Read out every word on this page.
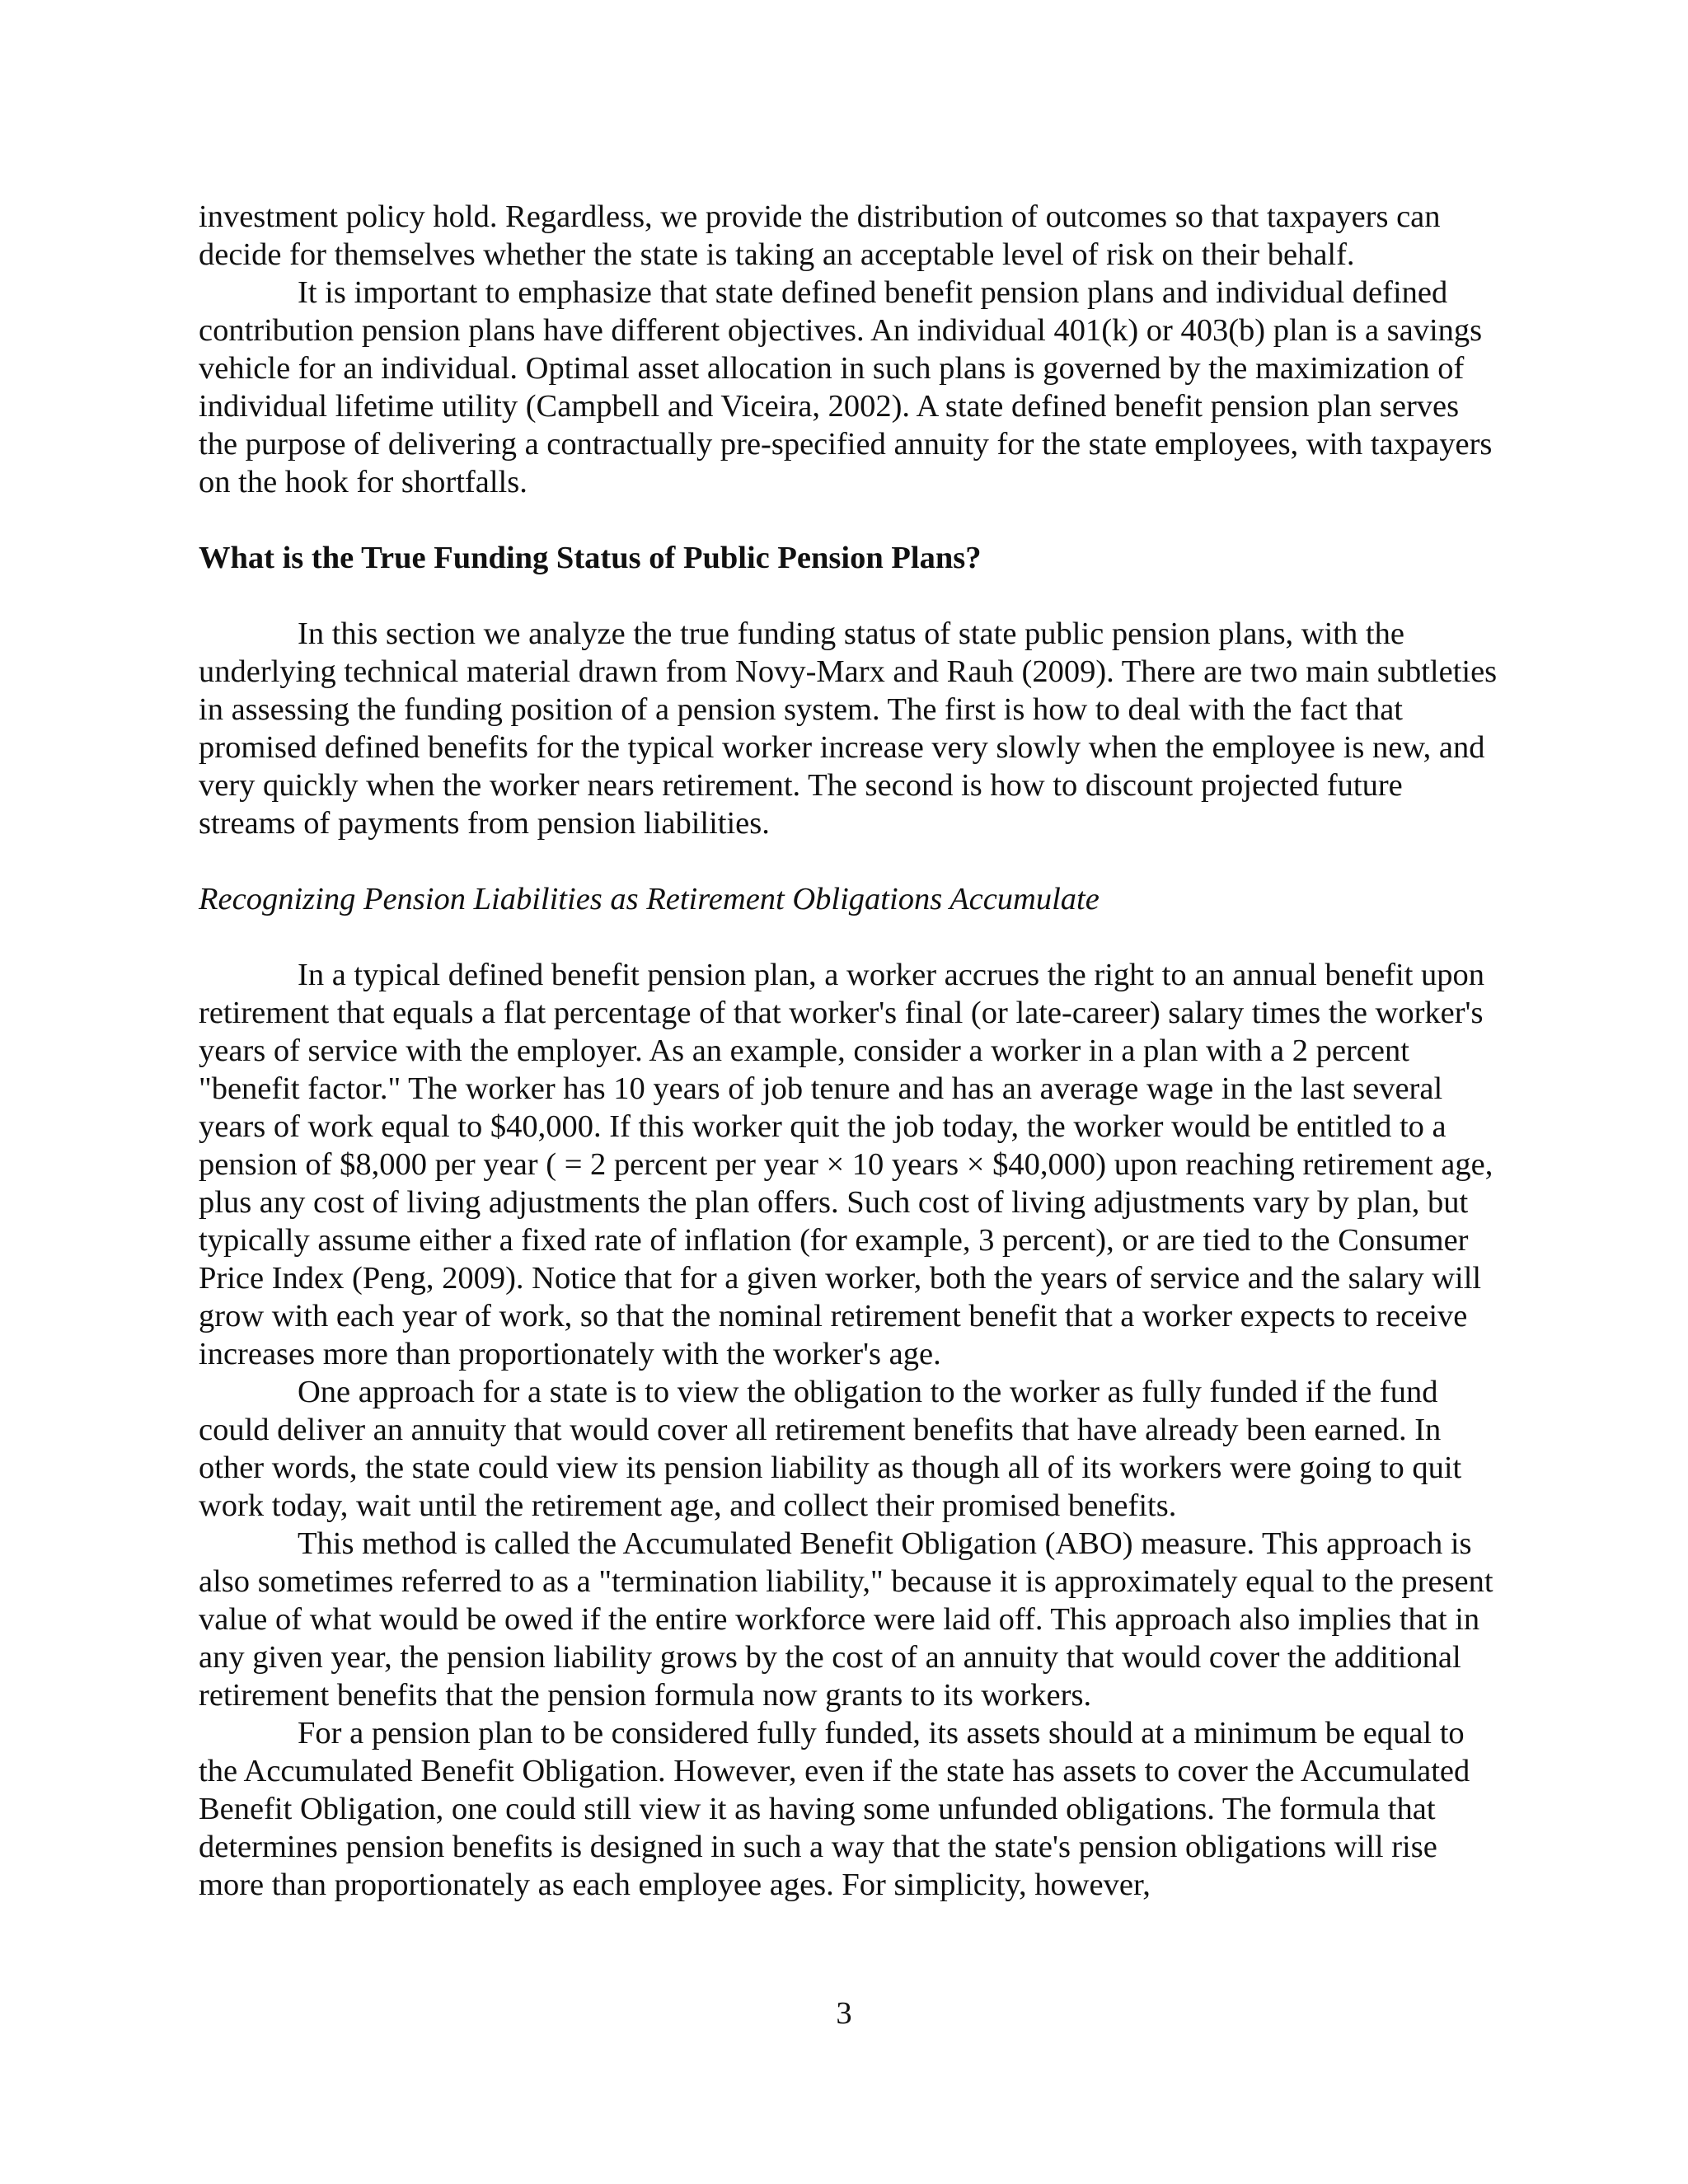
investment policy hold. Regardless, we provide the distribution of outcomes so that taxpayers can decide for themselves whether the state is taking an acceptable level of risk on their behalf.

It is important to emphasize that state defined benefit pension plans and individual defined contribution pension plans have different objectives. An individual 401(k) or 403(b) plan is a savings vehicle for an individual. Optimal asset allocation in such plans is governed by the maximization of individual lifetime utility (Campbell and Viceira, 2002). A state defined benefit pension plan serves the purpose of delivering a contractually pre-specified annuity for the state employees, with taxpayers on the hook for shortfalls.

What is the True Funding Status of Public Pension Plans?

In this section we analyze the true funding status of state public pension plans, with the underlying technical material drawn from Novy-Marx and Rauh (2009). There are two main subtleties in assessing the funding position of a pension system. The first is how to deal with the fact that promised defined benefits for the typical worker increase very slowly when the employee is new, and very quickly when the worker nears retirement. The second is how to discount projected future streams of payments from pension liabilities.

Recognizing Pension Liabilities as Retirement Obligations Accumulate

In a typical defined benefit pension plan, a worker accrues the right to an annual benefit upon retirement that equals a flat percentage of that worker's final (or late-career) salary times the worker's years of service with the employer. As an example, consider a worker in a plan with a 2 percent "benefit factor." The worker has 10 years of job tenure and has an average wage in the last several years of work equal to $40,000. If this worker quit the job today, the worker would be entitled to a pension of $8,000 per year ( = 2 percent per year × 10 years × $40,000) upon reaching retirement age, plus any cost of living adjustments the plan offers. Such cost of living adjustments vary by plan, but typically assume either a fixed rate of inflation (for example, 3 percent), or are tied to the Consumer Price Index (Peng, 2009). Notice that for a given worker, both the years of service and the salary will grow with each year of work, so that the nominal retirement benefit that a worker expects to receive increases more than proportionately with the worker's age.

One approach for a state is to view the obligation to the worker as fully funded if the fund could deliver an annuity that would cover all retirement benefits that have already been earned. In other words, the state could view its pension liability as though all of its workers were going to quit work today, wait until the retirement age, and collect their promised benefits.

This method is called the Accumulated Benefit Obligation (ABO) measure. This approach is also sometimes referred to as a "termination liability," because it is approximately equal to the present value of what would be owed if the entire workforce were laid off. This approach also implies that in any given year, the pension liability grows by the cost of an annuity that would cover the additional retirement benefits that the pension formula now grants to its workers.

For a pension plan to be considered fully funded, its assets should at a minimum be equal to the Accumulated Benefit Obligation. However, even if the state has assets to cover the Accumulated Benefit Obligation, one could still view it as having some unfunded obligations. The formula that determines pension benefits is designed in such a way that the state's pension obligations will rise more than proportionately as each employee ages. For simplicity, however,

3
